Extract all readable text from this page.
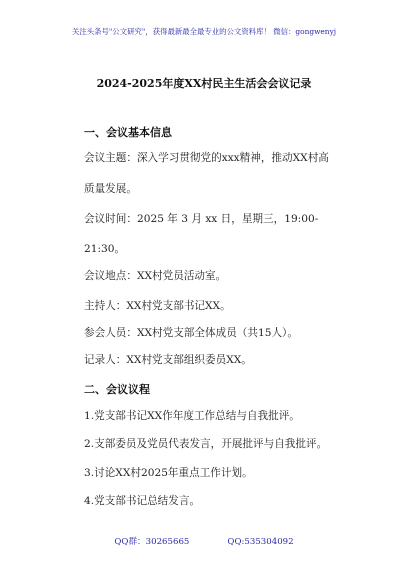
关注头条号"公文研究"，获得最新最全最专业的公文资料库！ 微信：gongwenyj
2024-2025年度XX村民主生活会会议记录
一、会议基本信息
会议主题：深入学习贯彻党的xxx精神，推动XX村高
质量发展。
会议时间：2025 年 3 月 xx 日，星期三，19:00-
21:30。
会议地点：XX村党员活动室。
主持人：XX村党支部书记XX。
参会人员：XX村党支部全体成员（共15人）。
记录人：XX村党支部组织委员XX。
二、会议议程
1.党支部书记XX作年度工作总结与自我批评。
2.支部委员及党员代表发言，开展批评与自我批评。
3.讨论XX村2025年重点工作计划。
4.党支部书记总结发言。
QQ群：30265665	QQ:535304092
